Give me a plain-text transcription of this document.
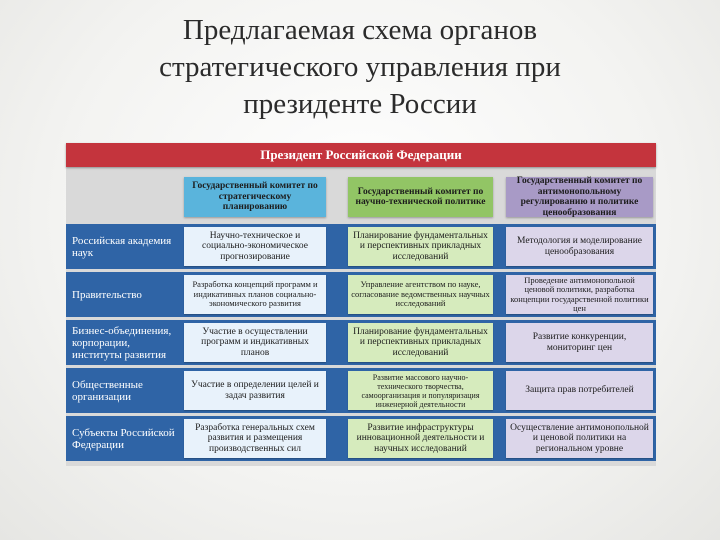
Предлагаемая схема органов
стратегического управления при
президенте России
Президент Российской Федерации
Государственный комитет по стратегическому планированию
Государственный комитет по научно-технической политике
Государственный комитет по антимонопольному регулированию и политике ценообразования
Российская академия наук
Научно-техническое и социально-экономическое прогнозирование
Планирование фундаментальных и перспективных прикладных исследований
Методология и моделирование ценообразования
Правительство
Разработка концепций программ и индикативных планов социально-экономического развития
Управление агентством по науке, согласование ведомственных научных исследований
Проведение антимонопольной ценовой политики, разработка концепции государственной политики цен
Бизнес-объединения, корпорации, институты развития
Участие в осуществлении программ и индикативных планов
Планирование фундаментальных и перспективных прикладных исследований
Развитие конкуренции, мониторинг цен
Общественные организации
Участие в определении целей и задач развития
Развитие массового научно-технического творчества, самоорганизация и популяризация инженерной деятельности
Защита прав потребителей
Субъекты Российской Федерации
Разработка генеральных схем развития и размещения производственных сил
Развитие инфраструктуры инновационной деятельности и научных исследований
Осуществление антимонопольной и ценовой политики на региональном уровне
